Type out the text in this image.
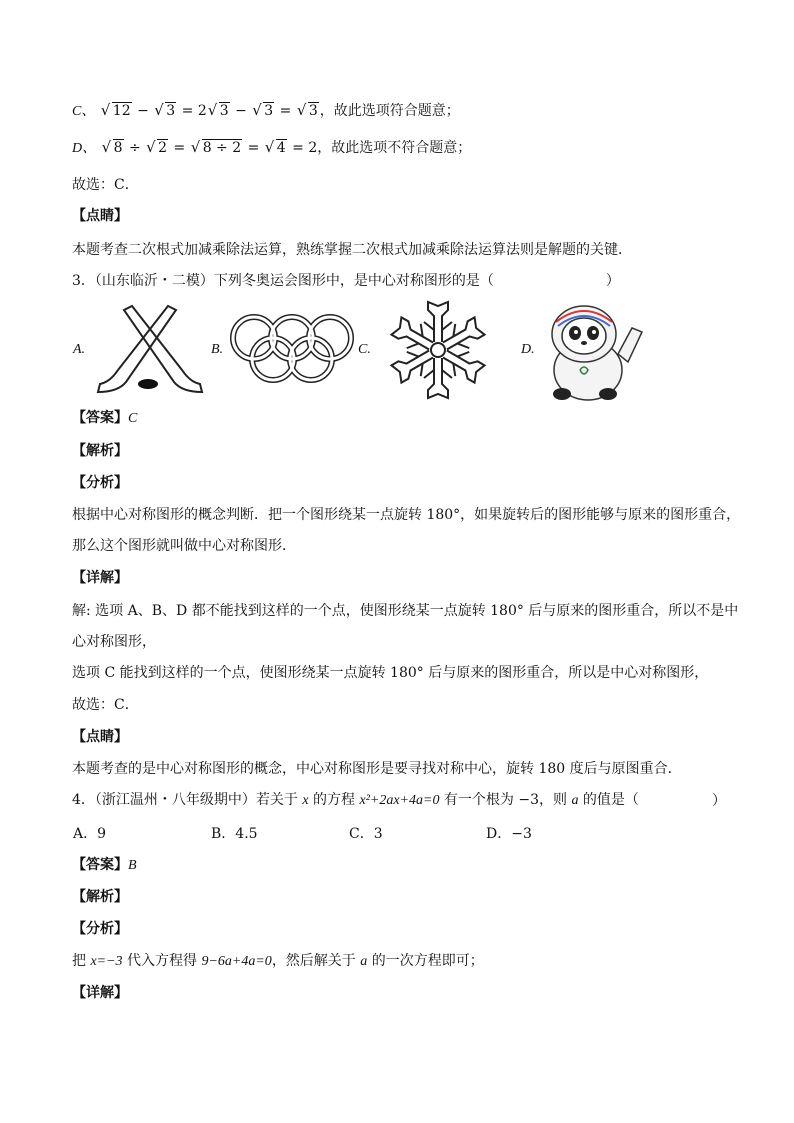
C、 √ 12 − √ 3 = 2 √ 3 − √ 3 = √ 3 ，故此选项符合题意；
D、 √ 8 ÷ √ 2 = √ 8 ÷ 2 = √ 4 = 2，故此选项不符合题意；
故选：C．
【点睛】
本题考查二次根式加减乘除法运算，熟练掌握二次根式加减乘除法运算法则是解题的关键．
3．（山东临沂・二模）下列冬奥运会图形中，是中心对称图形的是（　　　　　　　　）
A.	B.	C.	D.
【答案】C
【解析】
【分析】
根据中心对称图形的概念判断．把一个图形绕某一点旋转 180°，如果旋转后的图形能够与原来的图形重合，
那么这个图形就叫做中心对称图形．
【详解】
解: 选项 A、B、D 都不能找到这样的一个点，使图形绕某一点旋转 180° 后与原来的图形重合，所以不是中
心对称图形，
选项 C 能找到这样的一个点，使图形绕某一点旋转 180° 后与原来的图形重合，所以是中心对称图形，
故选：C．
【点睛】
本题考查的是中心对称图形的概念，中心对称图形是要寻找对称中心，旋转 180 度后与原图重合．
4．（浙江温州・八年级期中）若关于 x 的方程 x²+2ax+4a=0 有一个根为 −3，则 a 的值是（	）
A．9	B．4.5	C．3	D．−3
【答案】B
【解析】
【分析】
把 x=−3 代入方程得 9−6a+4a=0，然后解关于 a 的一次方程即可；
【详解】
